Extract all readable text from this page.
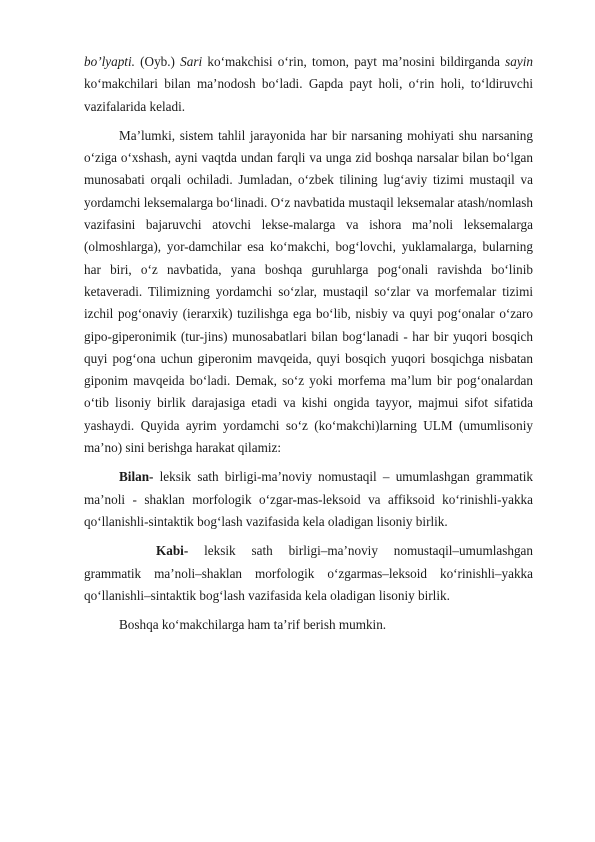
bo’lyapti. (Oyb.) Sari ko‘makchisi o‘rin, tomon, payt ma’nosini bildirganda sayin ko‘makchilari bilan ma’nodosh bo‘ladi. Gapda payt holi, o‘rin holi, to‘ldiruvchi vazifalarida keladi.

Ma’lumki, sistem tahlil jarayonida har bir narsaning mohiyati shu narsaning o‘ziga o‘xshash, ayni vaqtda undan farqli va unga zid boshqa narsalar bilan bo‘lgan munosabati orqali ochiladi. Jumladan, o‘zbek tilining lug‘aviy tizimi mustaqil va yordamchi leksemalarga bo‘linadi. O‘z navbatida mustaqil leksemalar atash/nomlash vazifasini bajaruvchi atovchi lekse-malarga va ishora ma’noli leksemalarga (olmoshlarga), yor-damchilar esa ko‘makchi, bog‘lovchi, yuklamalarga, bularning har biri, o‘z navbatida, yana boshqa guruhlarga pog‘onali ravishda bo‘linib ketaveradi. Tilimizning yordamchi so‘zlar, mustaqil so‘zlar va morfemalar tizimi izchil pog‘onaviy (ierarxik) tuzilishga ega bo‘lib, nisbiy va quyi pog‘onalar o‘zaro gipo-giperonimik (tur-jins) munosabatlari bilan bog‘lanadi - har bir yuqori bosqich quyi pog‘ona uchun giperonim mavqeida, quyi bosqich yuqori bosqichga nisbatan giponim mavqeida bo‘ladi. Demak, so‘z yoki morfema ma’lum bir pog‘onalardan o‘tib lisoniy birlik darajasiga etadi va kishi ongida tayyor, majmui sifot sifatida yashaydi. Quyida ayrim yordamchi so‘z (ko‘makchi)larning ULM (umumlisoniy ma’no) sini berishga harakat qilamiz:

Bilan- leksik sath birligi-ma’noviy nomustaqil – umumlashgan grammatik ma’noli - shaklan morfologik o‘zgar-mas-leksoid va affiksoid ko‘rinishli-yakka qo‘llanishli-sintaktik bog‘lash vazifasida kela oladigan lisoniy birlik.

Kabi- leksik sath birligi–ma’noviy nomustaqil–umumlashgan grammatik ma’noli–shaklan morfologik o‘zgarmas–leksoid ko‘rinishli–yakka qo‘llanishli–sintaktik bog‘lash vazifasida kela oladigan lisoniy birlik.

Boshqa ko‘makchilarga ham ta’rif berish mumkin.
